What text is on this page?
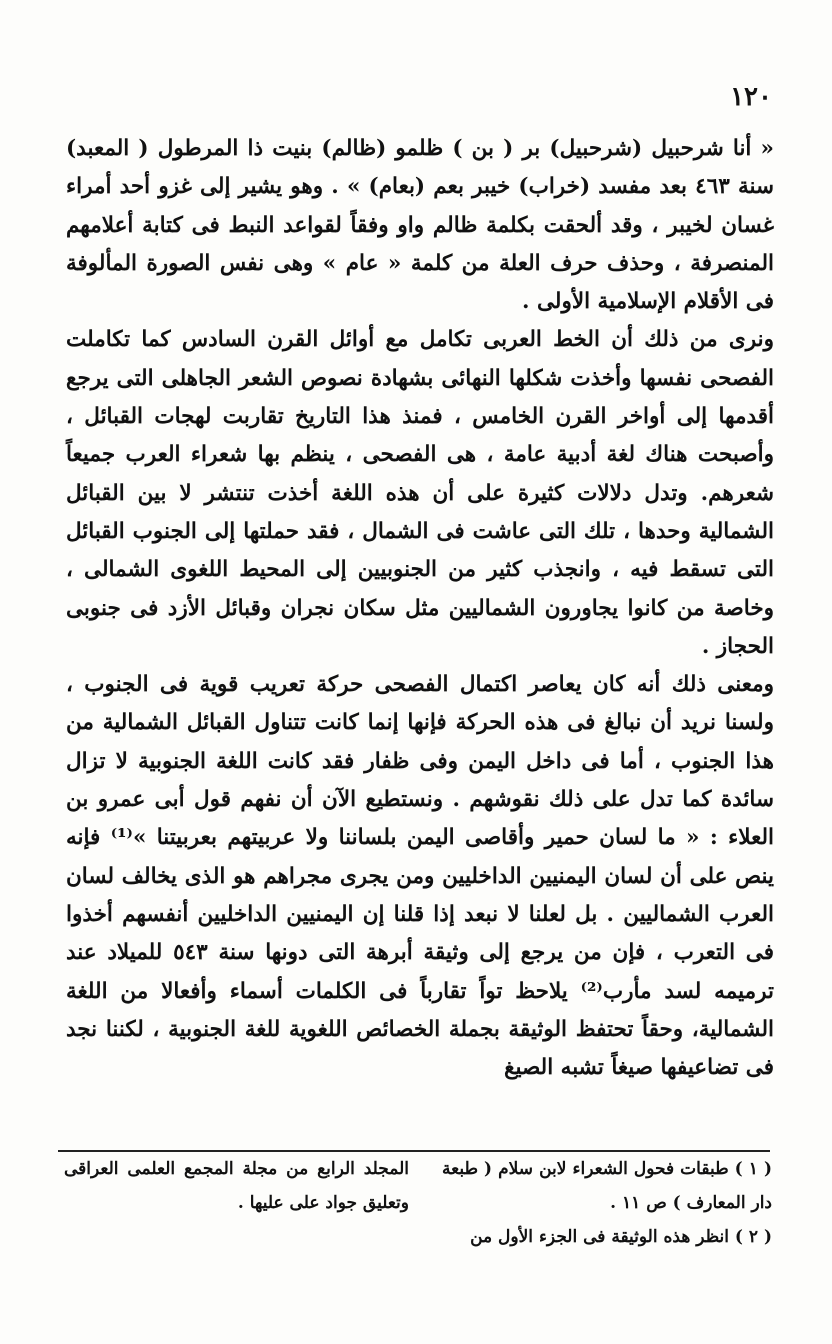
١٢٠

« أنا شرحبيل (شرحبيل) بر ( بن ) ظلمو (ظالم) بنيت ذا المرطول ( المعبد) سنة ٤٦٣ بعد مفسد (خراب) خيبر بعم (بعام) » . وهو يشير إلى غزو أحد أمراء غسان لخيبر ، وقد ألحقت بكلمة ظالم واو وفقاً لقواعد النبط فى كتابة أعلامهم المنصرفة ، وحذف حرف العلة من كلمة « عام » وهى نفس الصورة المألوفة فى الأقلام الإسلامية الأولى .

ونرى من ذلك أن الخط العربى تكامل مع أوائل القرن السادس كما تكاملت الفصحى نفسها وأخذت شكلها النهائى بشهادة نصوص الشعر الجاهلى التى يرجع أقدمها إلى أواخر القرن الخامس ، فمنذ هذا التاريخ تقاربت لهجات القبائل ، وأصبحت هناك لغة أدبية عامة ، هى الفصحى ، ينظم بها شعراء العرب جميعاً شعرهم. وتدل دلالات كثيرة على أن هذه اللغة أخذت تنتشر لا بين القبائل الشمالية وحدها ، تلك التى عاشت فى الشمال ، فقد حملتها إلى الجنوب القبائل التى تسقط فيه ، وانجذب كثير من الجنوبيين إلى المحيط اللغوى الشمالى ، وخاصة من كانوا يجاورون الشماليين مثل سكان نجران وقبائل الأزد فى جنوبى الحجاز .

ومعنى ذلك أنه كان يعاصر اكتمال الفصحى حركة تعريب قوية فى الجنوب ، ولسنا نريد أن نبالغ فى هذه الحركة فإنها إنما كانت تتناول القبائل الشمالية من هذا الجنوب ، أما فى داخل اليمن وفى ظفار فقد كانت اللغة الجنوبية لا تزال سائدة كما تدل على ذلك نقوشهم . ونستطيع الآن أن نفهم قول أبى عمرو بن العلاء : « ما لسان حمير وأقاصى اليمن بلساننا ولا عربيتهم بعربيتنا »⁽¹⁾ فإنه ينص على أن لسان اليمنيين الداخليين ومن يجرى مجراهم هو الذى يخالف لسان العرب الشماليين . بل لعلنا لا نبعد إذا قلنا إن اليمنيين الداخليين أنفسهم أخذوا فى التعرب ، فإن من يرجع إلى وثيقة أبرهة التى دونها سنة ٥٤٣ للميلاد عند ترميمه لسد مأرب⁽²⁾ يلاحظ تواً تقارباً فى الكلمات أسماء وأفعالا من اللغة الشمالية، وحقاً تحتفظ الوثيقة بجملة الخصائص اللغوية للغة الجنوبية ، لكننا نجد فى تضاعيفها صيغاً تشبه الصيغ

( ١ ) طبقات فحول الشعراء لابن سلام ( طبعة دار المعارف ) ص ١١ .

( ٢ ) انظر هذه الوثيقة فى الجزء الأول من

المجلد الرابع من مجلة المجمع العلمى العراقى وتعليق جواد على عليها .
